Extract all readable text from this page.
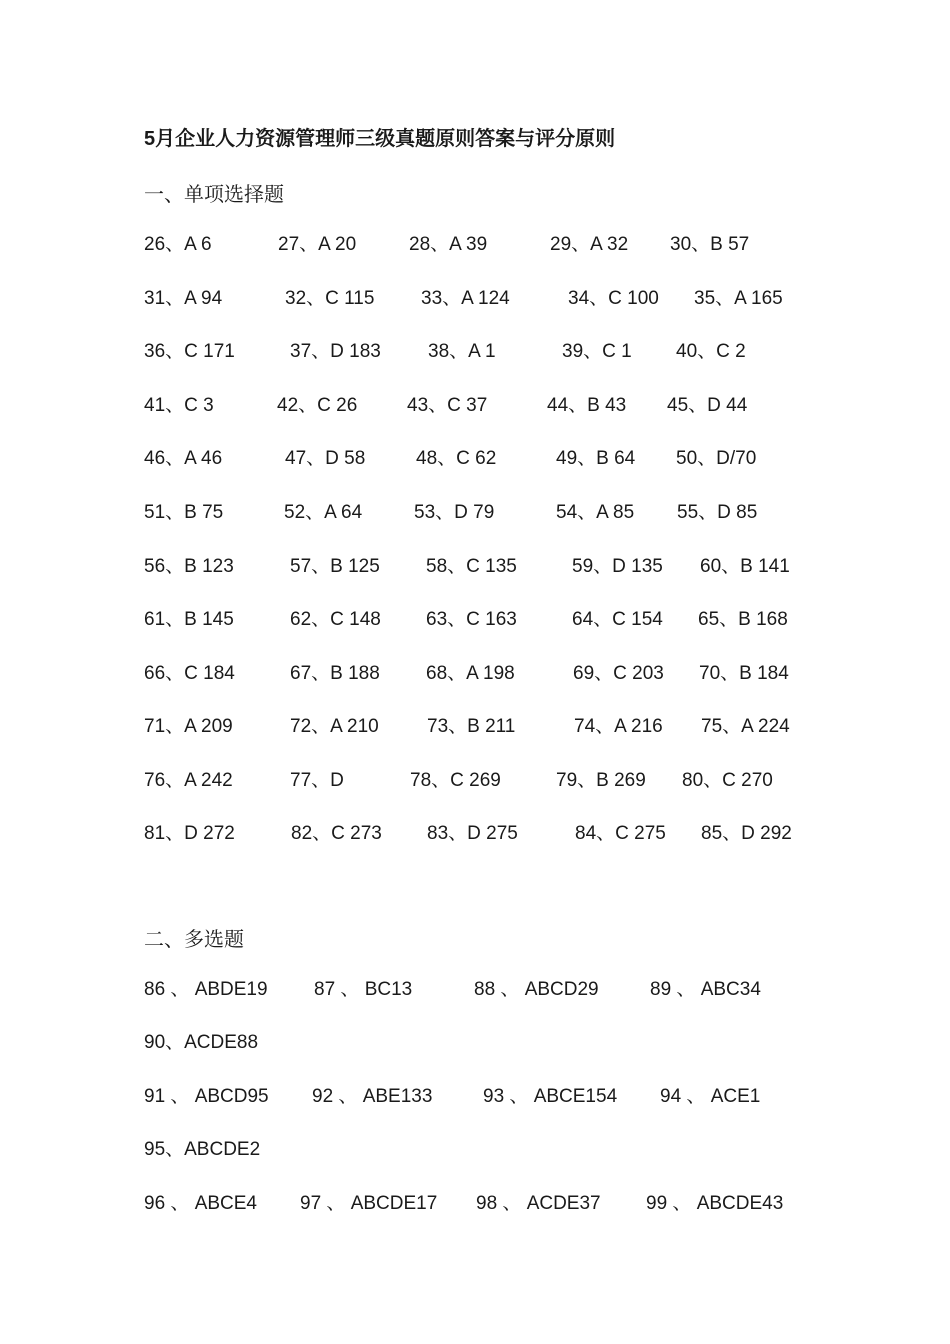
5月企业人力资源管理师三级真题原则答案与评分原则
一、单项选择题
26、A 6	27、A 20	28、A 39	29、A 32 30、B 57
31、A 94	32、C 115 33、A 124	34、C 100 35、A 165
36、C 171	37、D 183 38、A 1	39、C 1 40、C 2
41、C 3	42、C 26	43、C 37	44、B 43 45、D 44
46、A 46	47、D 58	48、C 62	49、B 64 50、D/70
51、B 75	52、A 64	53、D 79	54、A 85 55、D 85
56、B 123	57、B 125 58、C 135	59、D 135 60、B 141
61、B 145	62、C 148 63、C 163	64、C 154 65、B 168
66、C 184	67、B 188 68、A 198	69、C 203 70、B 184
71、A 209	72、A 210	73、B 211	74、A 216 75、A 224
76、A 242	77、D	78、C 269	79、B 269 80、C 270
81、D 272	82、C 273 83、D 275	84、C 275 85、D 292
二、多选题
86 、 ABDE19 87 、 BC13	88 、 ABCD29	89 、 ABC34
90、ACDE88
91 、 ABCD95 92 、 ABE133	93 、 ABCE154 94 、 ACE1
95、ABCDE2
96 、 ABCE4 97 、 ABCDE17 98 、 ACDE37 99 、 ABCDE43
